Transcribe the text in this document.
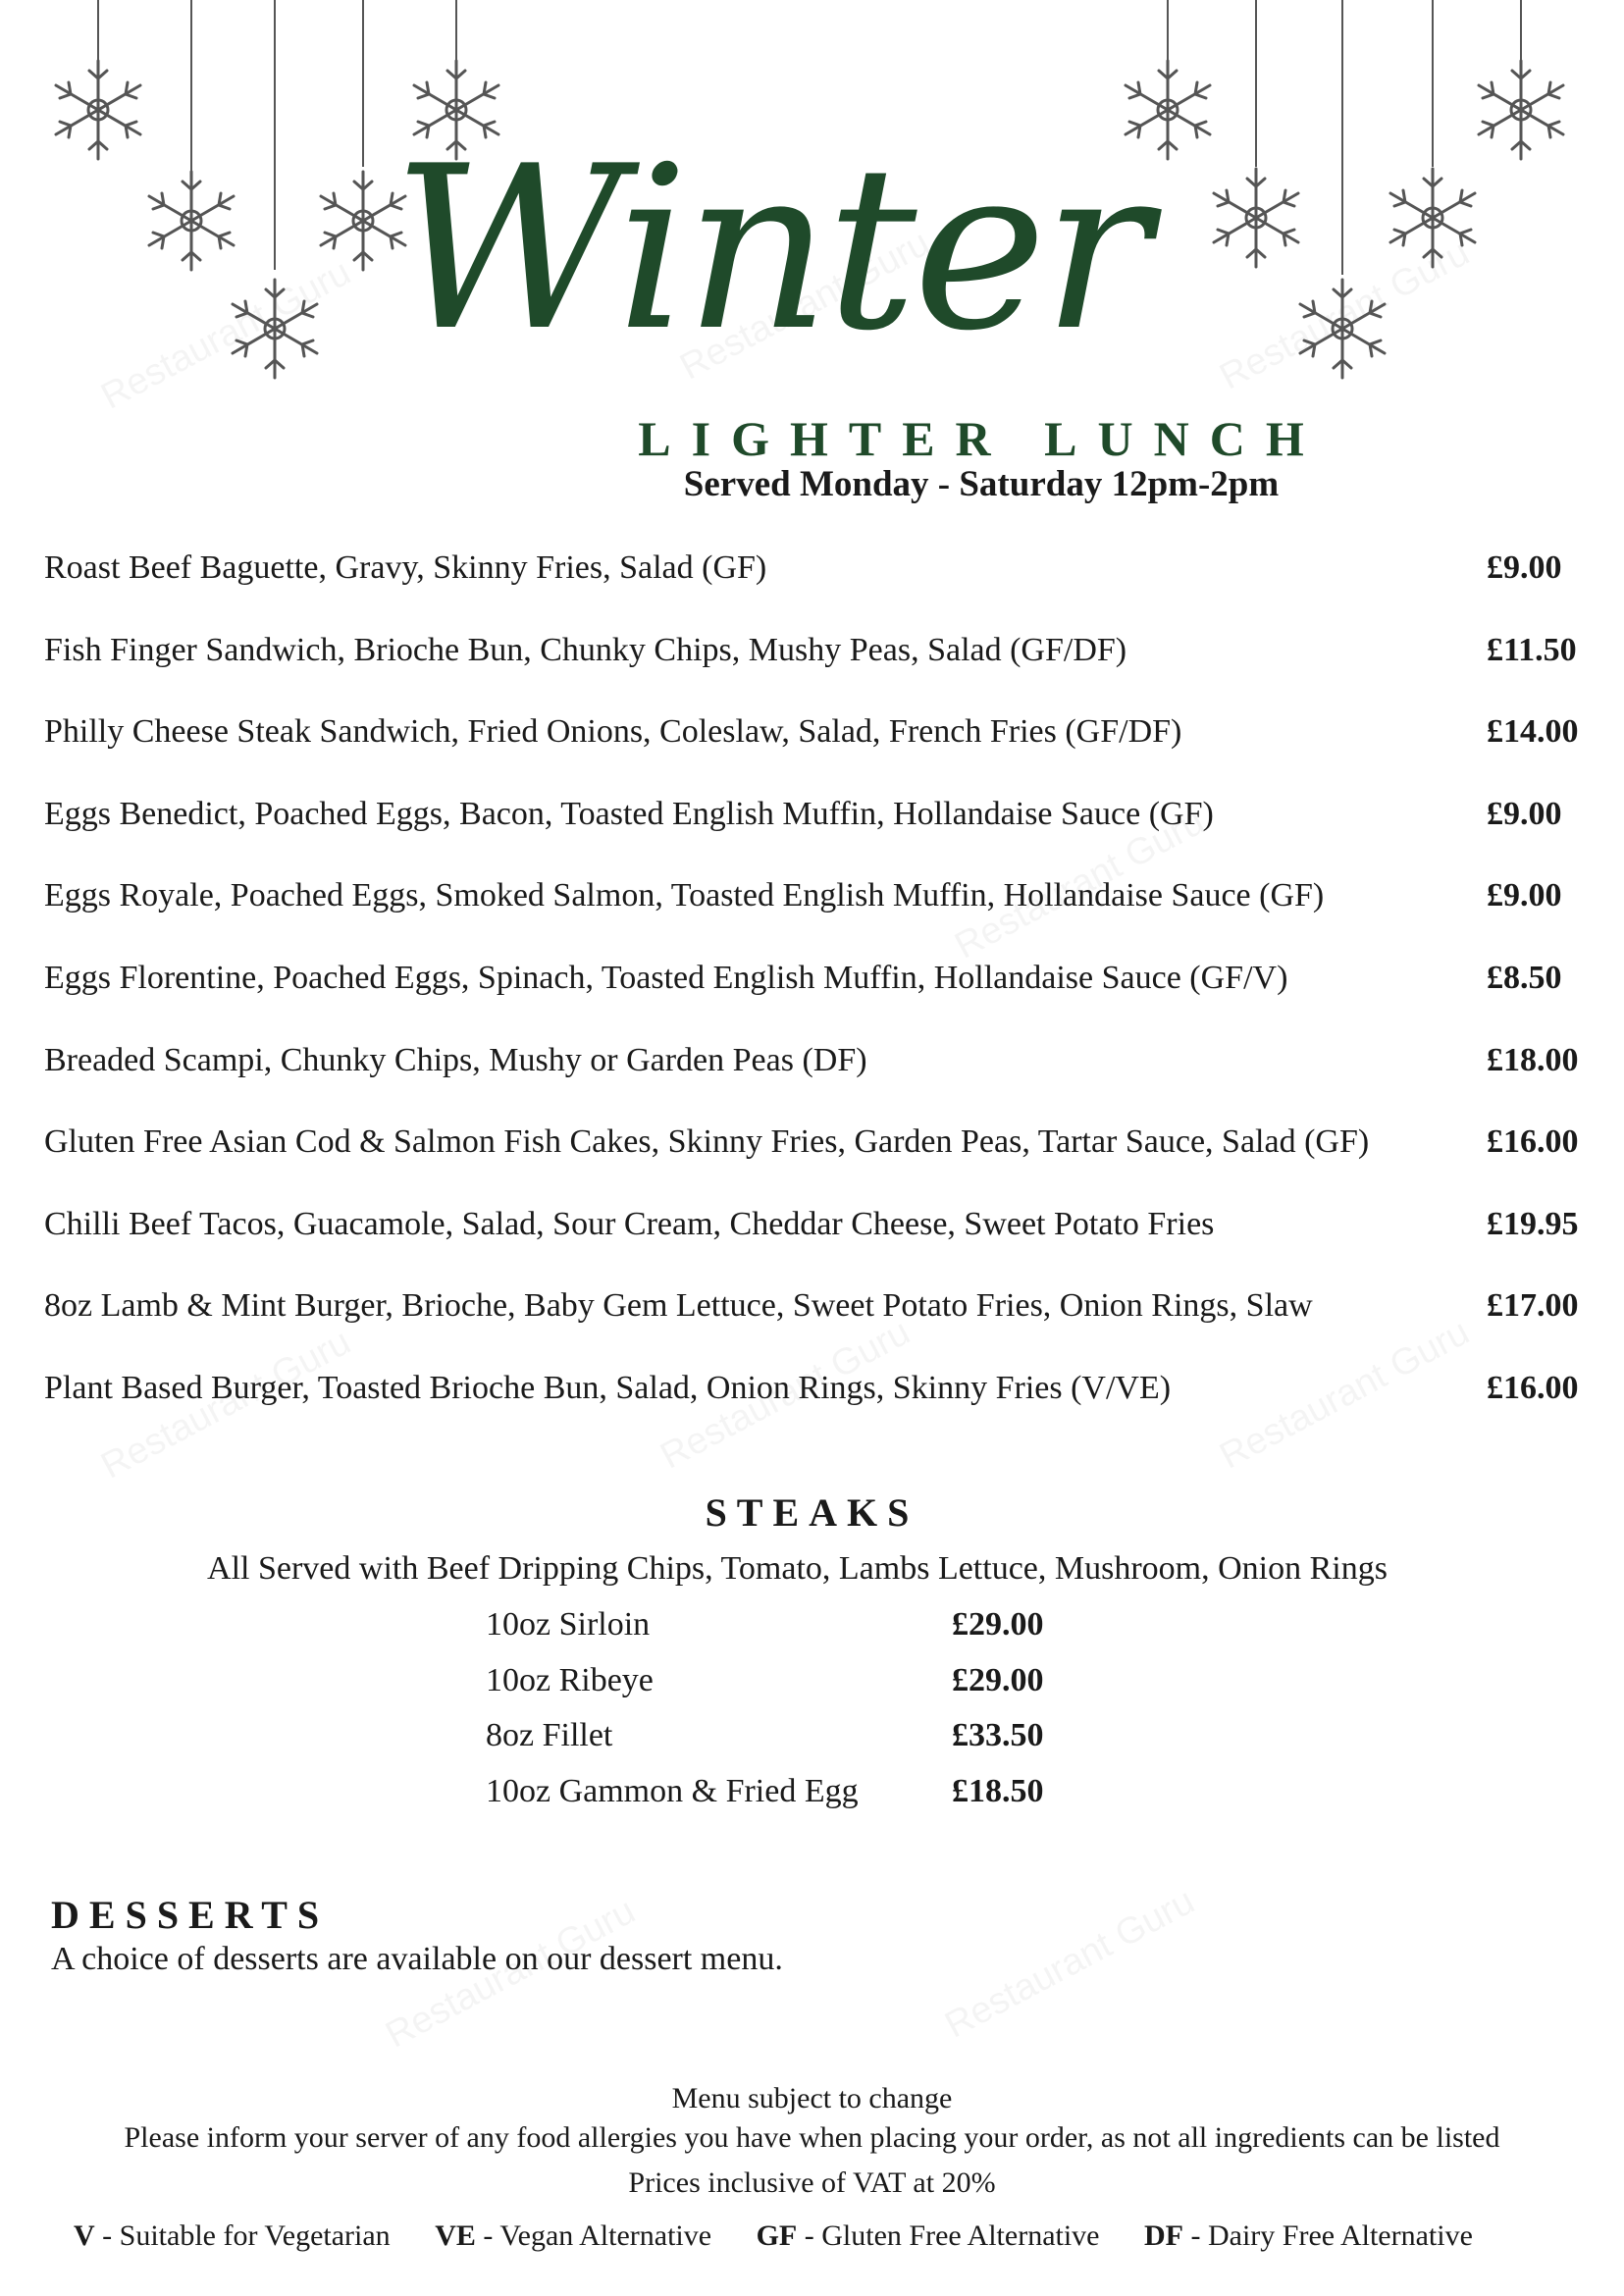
Winter
LIGHTER LUNCH
Served Monday - Saturday 12pm-2pm
Roast Beef Baguette, Gravy, Skinny Fries, Salad (GF)	£9.00
Fish Finger Sandwich, Brioche Bun, Chunky Chips, Mushy Peas, Salad (GF/DF)	£11.50
Philly Cheese Steak Sandwich, Fried Onions, Coleslaw, Salad, French Fries (GF/DF)	£14.00
Eggs Benedict, Poached Eggs, Bacon, Toasted English Muffin, Hollandaise Sauce (GF)	£9.00
Eggs Royale, Poached Eggs, Smoked Salmon, Toasted English Muffin, Hollandaise Sauce (GF)	£9.00
Eggs Florentine, Poached Eggs, Spinach, Toasted English Muffin, Hollandaise Sauce (GF/V)	£8.50
Breaded Scampi, Chunky Chips, Mushy or Garden Peas (DF)	£18.00
Gluten Free Asian Cod & Salmon Fish Cakes, Skinny Fries, Garden Peas, Tartar Sauce, Salad (GF)	£16.00
Chilli Beef Tacos, Guacamole, Salad, Sour Cream, Cheddar Cheese, Sweet Potato Fries	£19.95
8oz Lamb & Mint Burger, Brioche, Baby Gem Lettuce, Sweet Potato Fries, Onion Rings, Slaw	£17.00
Plant Based Burger, Toasted Brioche Bun, Salad, Onion Rings, Skinny Fries (V/VE)	£16.00
STEAKS
All Served with Beef Dripping Chips, Tomato, Lambs Lettuce, Mushroom, Onion Rings
10oz Sirloin	£29.00
10oz Ribeye	£29.00
8oz Fillet	£33.50
10oz Gammon & Fried Egg	£18.50
DESSERTS
A choice of desserts are available on our dessert menu.
Menu subject to change
Please inform your server of any food allergies you have when placing your order, as not all ingredients can be listed
Prices inclusive of VAT at 20%
V - Suitable for Vegetarian VE - Vegan Alternative GF - Gluten Free Alternative DF - Dairy Free Alternative
